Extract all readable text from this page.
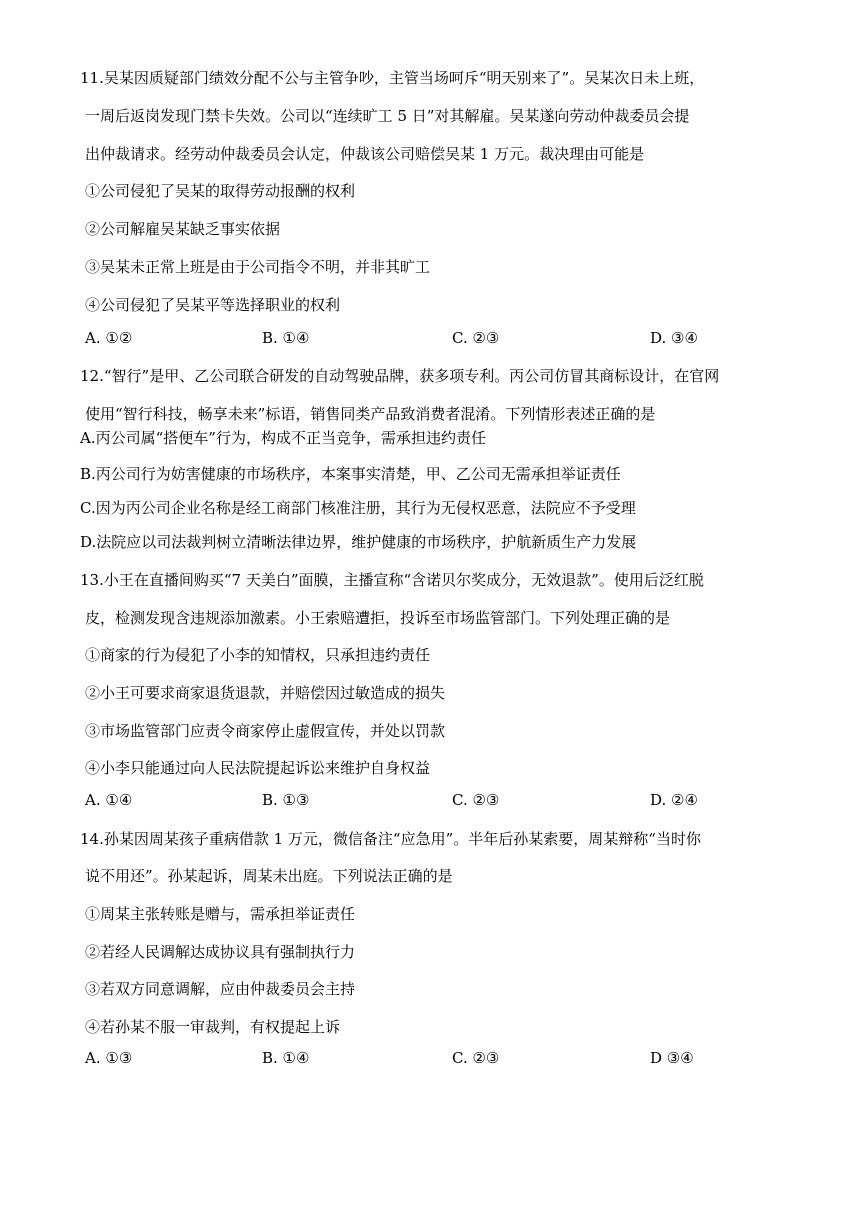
11.吴某因质疑部门绩效分配不公与主管争吵，主管当场呵斥“明天别来了”。吴某次日未上班，
一周后返岗发现门禁卡失效。公司以“连续旷工 5 日”对其解雇。吴某遂向劳动仲裁委员会提
出仲裁请求。经劳动仲裁委员会认定，仲裁该公司赔偿吴某 1 万元。裁决理由可能是
①公司侵犯了吴某的取得劳动报酬的权利
②公司解雇吴某缺乏事实依据
③吴某未正常上班是由于公司指令不明，并非其旷工
④公司侵犯了吴某平等选择职业的权利
A. ①②	B. ①④	C. ②③	D. ③④
12.“智行”是甲、乙公司联合研发的自动驾驶品牌，获多项专利。丙公司仿冒其商标设计，在官网
使用“智行科技，畅享未来”标语，销售同类产品致消费者混淆。下列情形表述正确的是
A.丙公司属“搭便车”行为，构成不正当竞争，需承担违约责任
B.丙公司行为妨害健康的市场秩序，本案事实清楚，甲、乙公司无需承担举证责任
C.因为丙公司企业名称是经工商部门核准注册，其行为无侵权恶意，法院应不予受理
D.法院应以司法裁判树立清晰法律边界，维护健康的市场秩序，护航新质生产力发展
13.小王在直播间购买“7 天美白”面膜，主播宣称“含诺贝尔奖成分，无效退款”。使用后泛红脱
皮，检测发现含违规添加激素。小王索赔遭拒，投诉至市场监管部门。下列处理正确的是
①商家的行为侵犯了小李的知情权，只承担违约责任
②小王可要求商家退货退款，并赔偿因过敏造成的损失
③市场监管部门应责令商家停止虚假宣传，并处以罚款
④小李只能通过向人民法院提起诉讼来维护自身权益
A. ①④	B. ①③	C. ②③	D. ②④
14.孙某因周某孩子重病借款 1 万元，微信备注“应急用”。半年后孙某索要，周某辩称“当时你
说不用还”。孙某起诉，周某未出庭。下列说法正确的是
①周某主张转账是赠与，需承担举证责任
②若经人民调解达成协议具有强制执行力
③若双方同意调解，应由仲裁委员会主持
④若孙某不服一审裁判，有权提起上诉
A. ①③	B. ①④	C. ②③	D ③④
